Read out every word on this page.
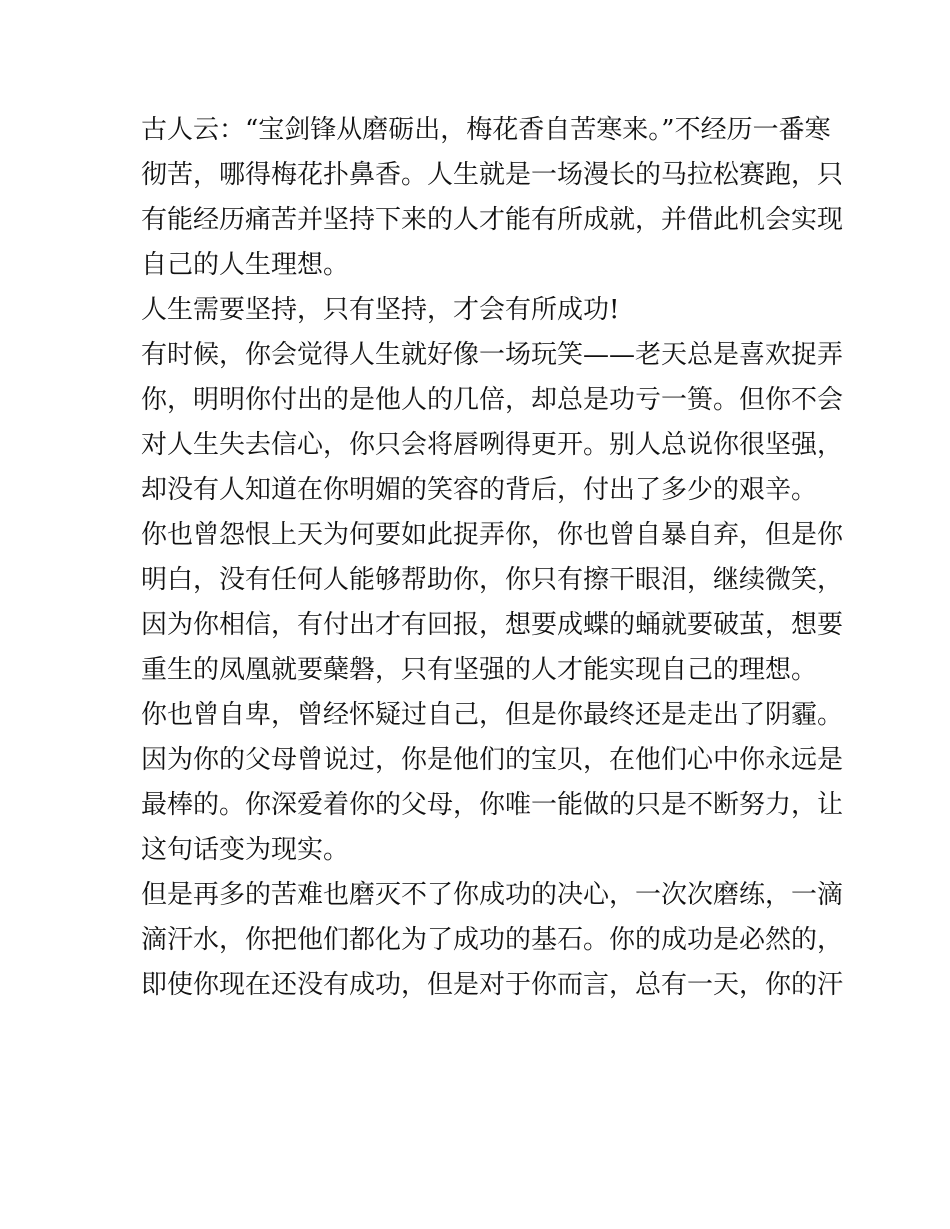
古人云：“宝剑锋从磨砺出，梅花香自苦寒来。”不经历一番寒
彻苦，哪得梅花扑鼻香。人生就是一场漫长的马拉松赛跑，只
有能经历痛苦并坚持下来的人才能有所成就，并借此机会实现
自己的人生理想。
人生需要坚持，只有坚持，才会有所成功!
有时候，你会觉得人生就好像一场玩笑——老天总是喜欢捉弄
你，明明你付出的是他人的几倍，却总是功亏一篑。但你不会
对人生失去信心，你只会将唇咧得更开。别人总说你很坚强，
却没有人知道在你明媚的笑容的背后，付出了多少的艰辛。
你也曾怨恨上天为何要如此捉弄你，你也曾自暴自弃，但是你
明白，没有任何人能够帮助你，你只有擦干眼泪，继续微笑，
因为你相信，有付出才有回报，想要成蝶的蛹就要破茧，想要
重生的凤凰就要蘖磐，只有坚强的人才能实现自己的理想。
你也曾自卑，曾经怀疑过自己，但是你最终还是走出了阴霾。
因为你的父母曾说过，你是他们的宝贝，在他们心中你永远是
最棒的。你深爱着你的父母，你唯一能做的只是不断努力，让
这句话变为现实。
但是再多的苦难也磨灭不了你成功的决心，一次次磨练，一滴
滴汗水，你把他们都化为了成功的基石。你的成功是必然的，
即使你现在还没有成功，但是对于你而言，总有一天，你的汗
